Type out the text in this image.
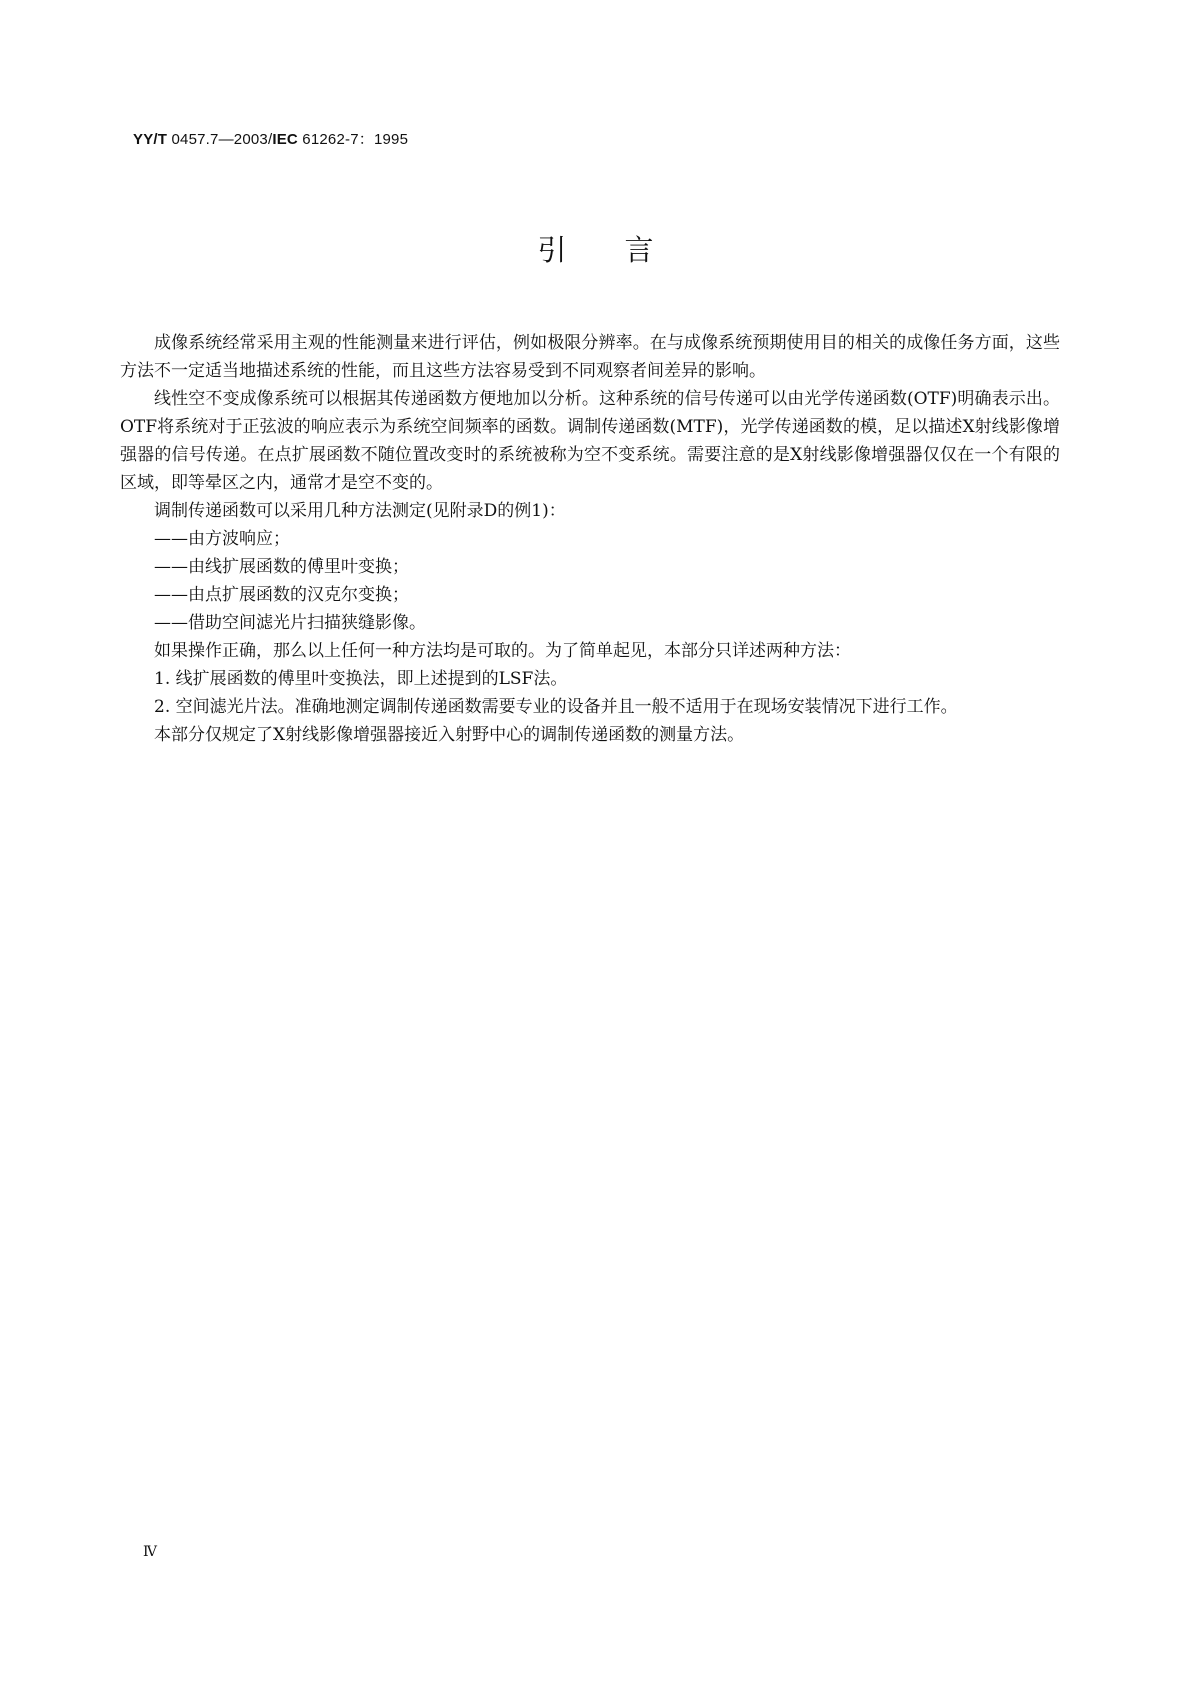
YY/T 0457.7—2003/IEC 61262-7：1995
引言

成像系统经常采用主观的性能测量来进行评估，例如极限分辨率。在与成像系统预期使用目的相关的成像任务方面，这些方法不一定适当地描述系统的性能，而且这些方法容易受到不同观察者间差异的影响。

线性空不变成像系统可以根据其传递函数方便地加以分析。这种系统的信号传递可以由光学传递函数(OTF)明确表示出。OTF将系统对于正弦波的响应表示为系统空间频率的函数。调制传递函数(MTF)，光学传递函数的模，足以描述X射线影像增强器的信号传递。在点扩展函数不随位置改变时的系统被称为空不变系统。需要注意的是X射线影像增强器仅仅在一个有限的区域，即等晕区之内，通常才是空不变的。

调制传递函数可以采用几种方法测定(见附录D的例1)：

——由方波响应；

——由线扩展函数的傅里叶变换；

——由点扩展函数的汉克尔变换；

——借助空间滤光片扫描狭缝影像。

如果操作正确，那么以上任何一种方法均是可取的。为了简单起见，本部分只详述两种方法：

1. 线扩展函数的傅里叶变换法，即上述提到的LSF法。

2. 空间滤光片法。准确地测定调制传递函数需要专业的设备并且一般不适用于在现场安装情况下进行工作。

本部分仅规定了X射线影像增强器接近入射野中心的调制传递函数的测量方法。

Ⅳ
